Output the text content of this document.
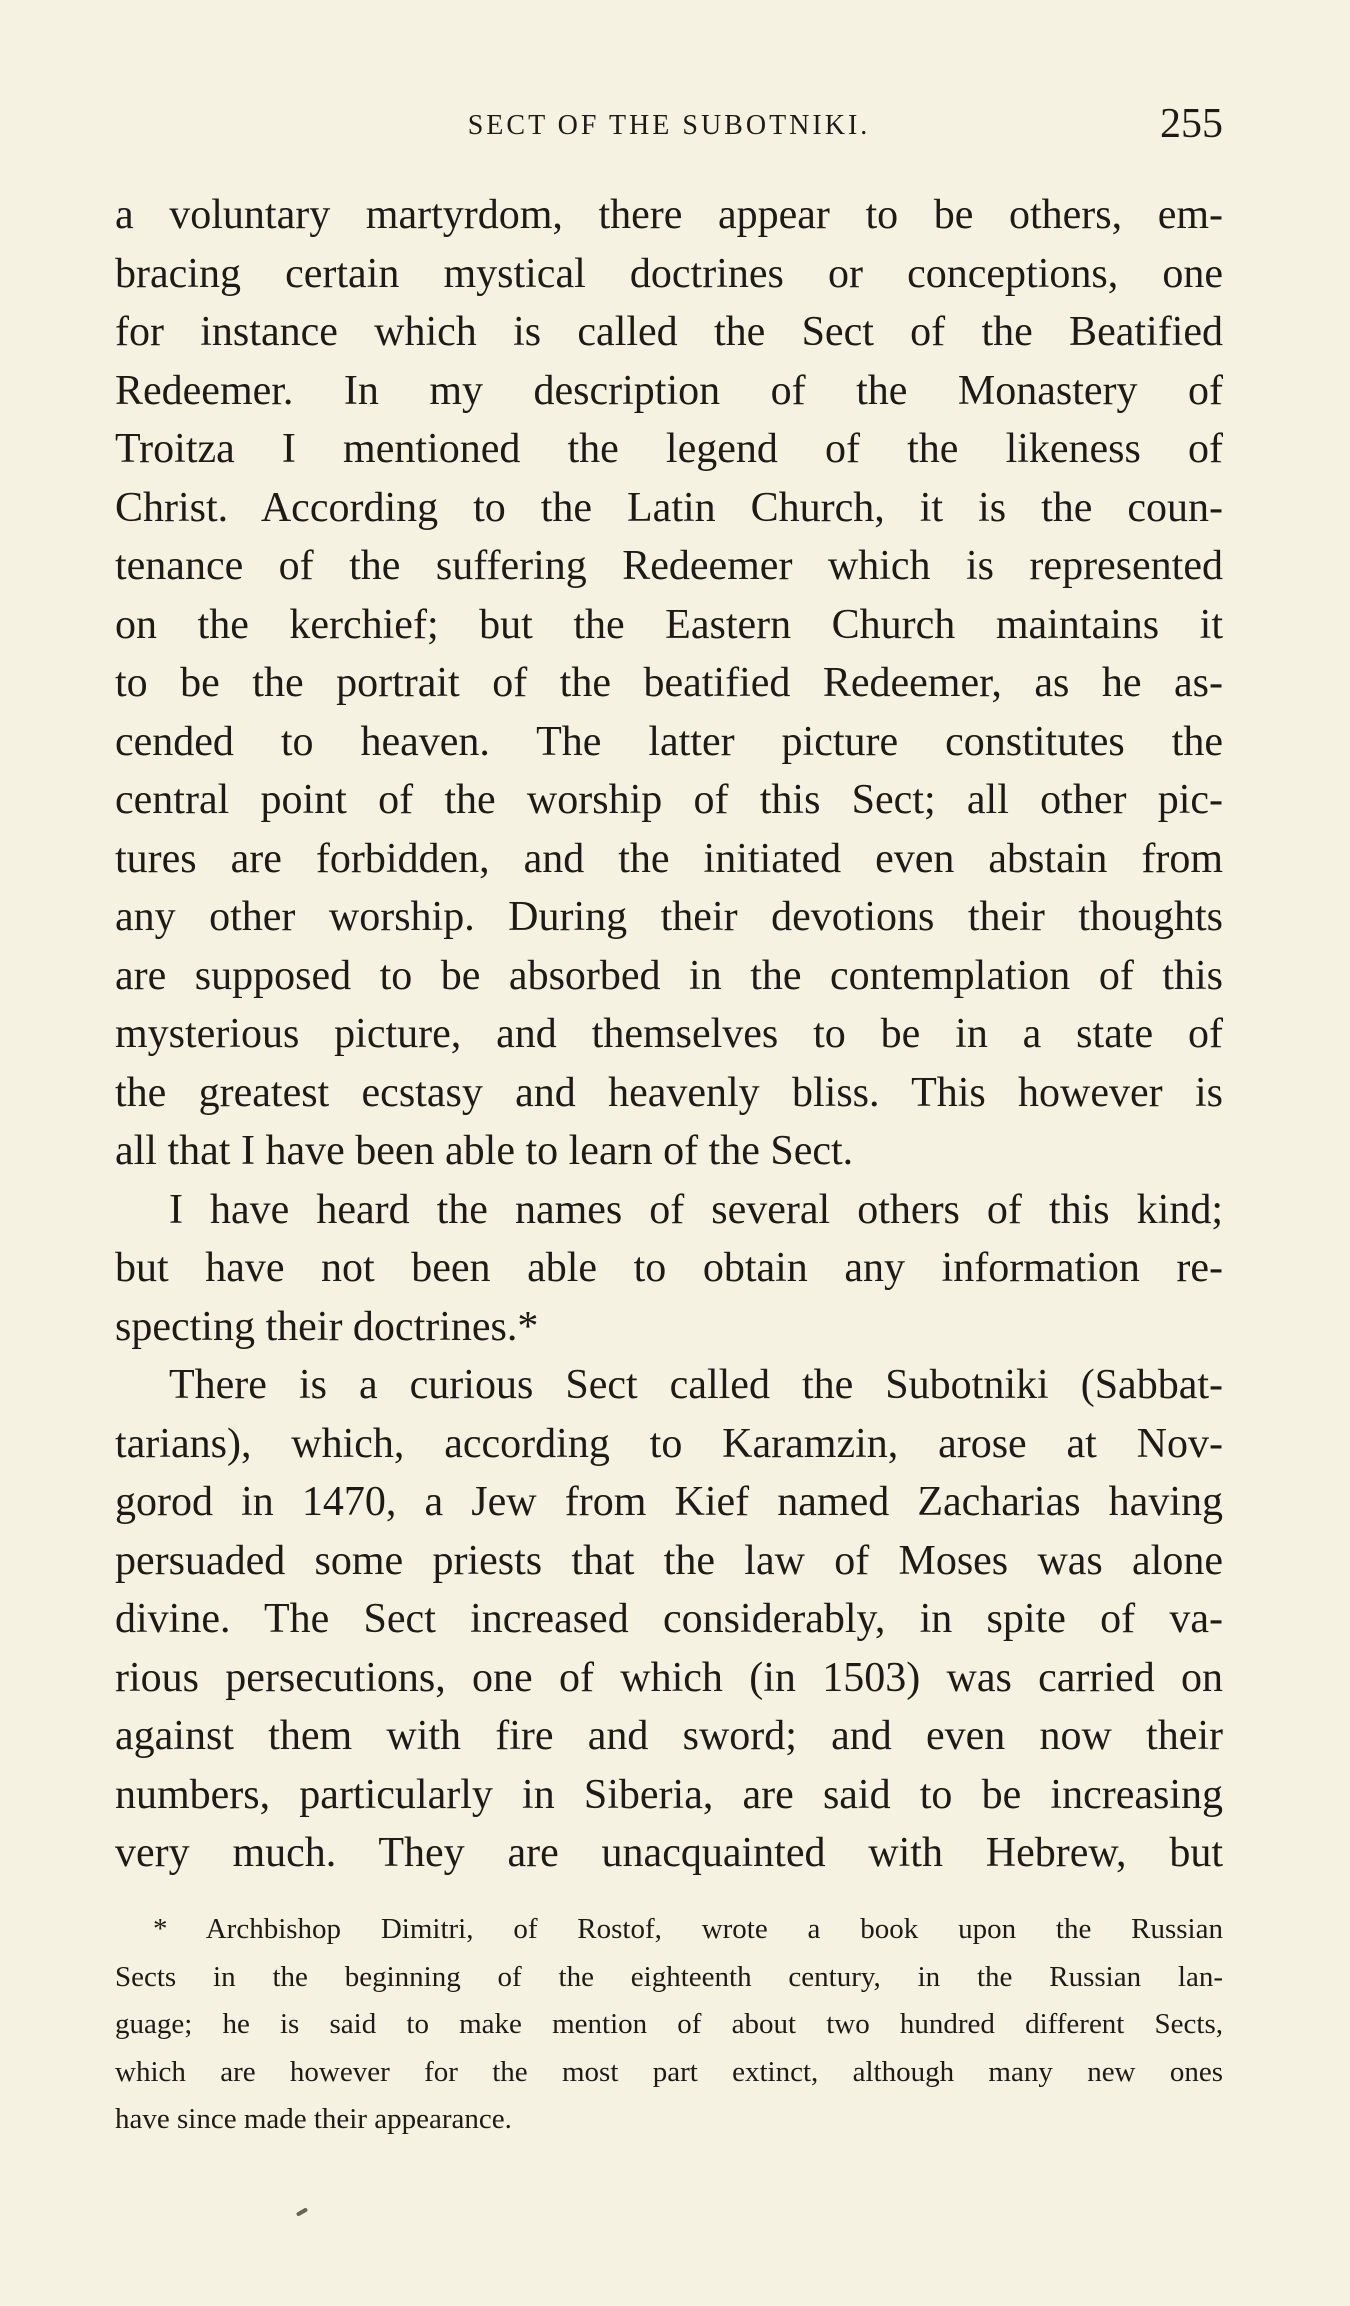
SECT OF THE SUBOTNIKI.	255

a voluntary martyrdom, there appear to be others, em-

bracing certain mystical doctrines or conceptions, one

for instance which is called the Sect of the Beatified

Redeemer. In my description of the Monastery of

Troitza I mentioned the legend of the likeness of

Christ. According to the Latin Church, it is the coun-

tenance of the suffering Redeemer which is represented

on the kerchief; but the Eastern Church maintains it

to be the portrait of the beatified Redeemer, as he as-

cended to heaven. The latter picture constitutes the

central point of the worship of this Sect; all other pic-

tures are forbidden, and the initiated even abstain from

any other worship. During their devotions their thoughts

are supposed to be absorbed in the contemplation of this

mysterious picture, and themselves to be in a state of

the greatest ecstasy and heavenly bliss. This however is

all that I have been able to learn of the Sect.

I have heard the names of several others of this kind;

but have not been able to obtain any information re-

specting their doctrines.*

There is a curious Sect called the Subotniki (Sabbat-

tarians), which, according to Karamzin, arose at Nov-

gorod in 1470, a Jew from Kief named Zacharias having

persuaded some priests that the law of Moses was alone

divine. The Sect increased considerably, in spite of va-

rious persecutions, one of which (in 1503) was carried on

against them with fire and sword; and even now their

numbers, particularly in Siberia, are said to be increasing

very much. They are unacquainted with Hebrew, but

* Archbishop Dimitri, of Rostof, wrote a book upon the Russian

Sects in the beginning of the eighteenth century, in the Russian lan-

guage; he is said to make mention of about two hundred different Sects,

which are however for the most part extinct, although many new ones

have since made their appearance.
